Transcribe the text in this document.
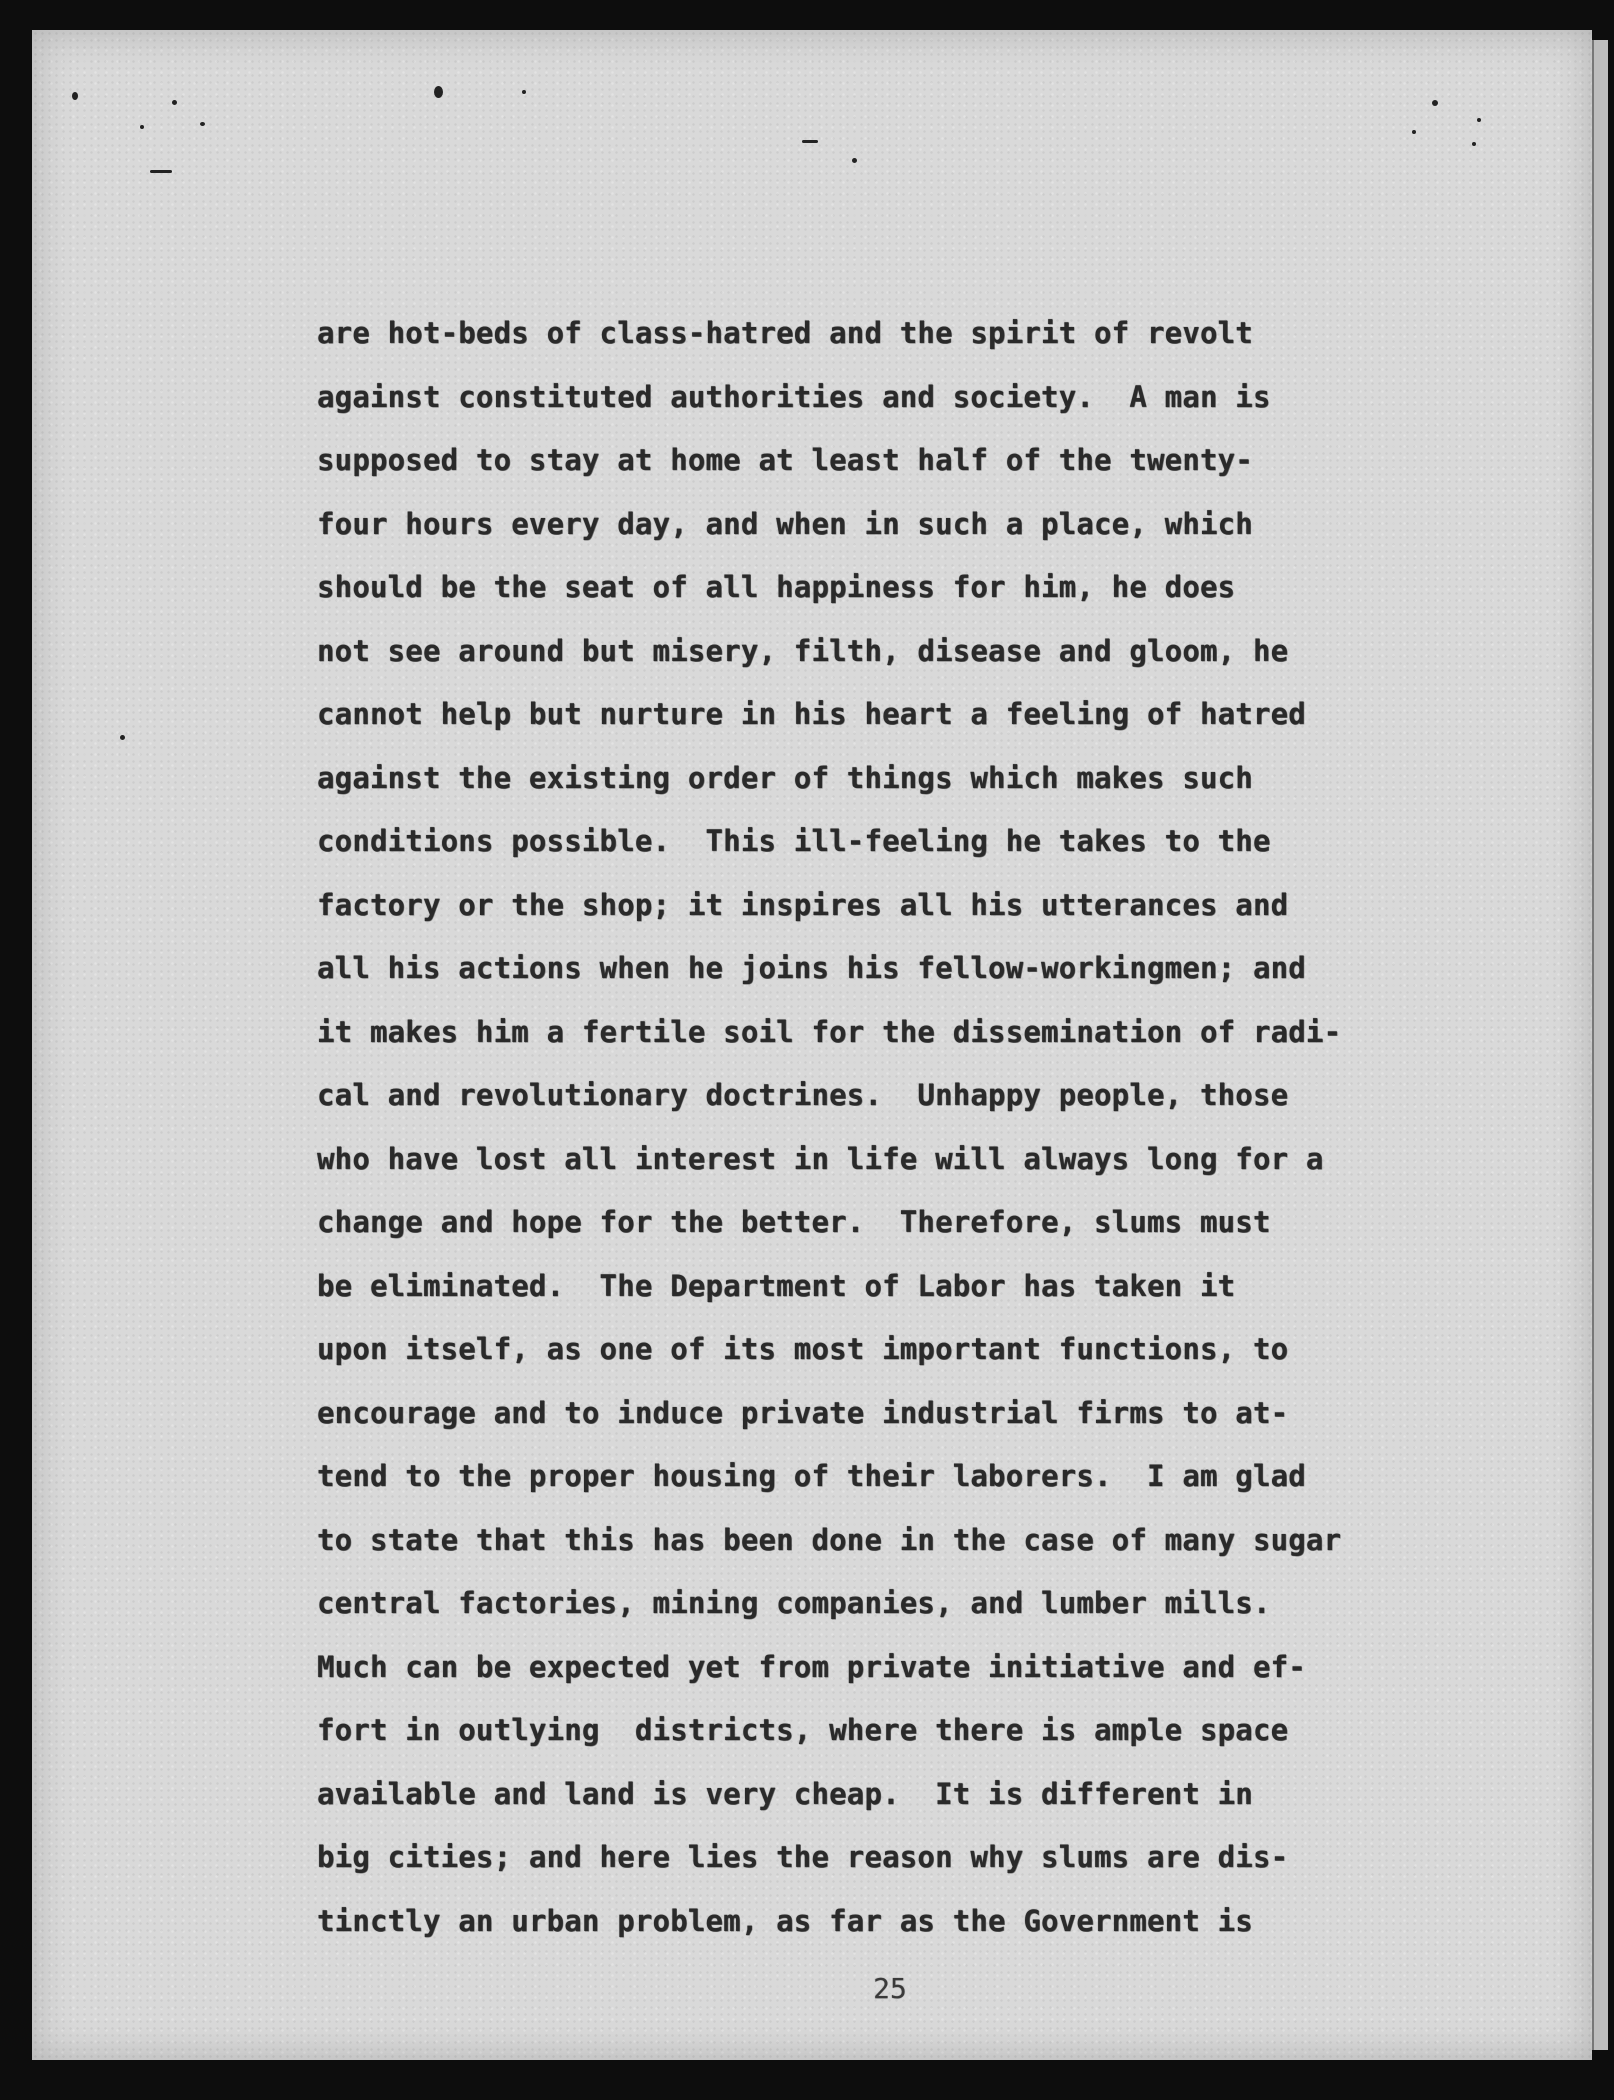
are hot-beds of class-hatred and the spirit of revolt
against constituted authorities and society.  A man is
supposed to stay at home at least half of the twenty-
four hours every day, and when in such a place, which
should be the seat of all happiness for him, he does
not see around but misery, filth, disease and gloom, he
cannot help but nurture in his heart a feeling of hatred
against the existing order of things which makes such
conditions possible.  This ill-feeling he takes to the
factory or the shop; it inspires all his utterances and
all his actions when he joins his fellow-workingmen; and
it makes him a fertile soil for the dissemination of radi-
cal and revolutionary doctrines.  Unhappy people, those
who have lost all interest in life will always long for a
change and hope for the better.  Therefore, slums must
be eliminated.  The Department of Labor has taken it
upon itself, as one of its most important functions, to
encourage and to induce private industrial firms to at-
tend to the proper housing of their laborers.  I am glad
to state that this has been done in the case of many sugar
central factories, mining companies, and lumber mills.
Much can be expected yet from private initiative and ef-
fort in outlying  districts, where there is ample space
available and land is very cheap.  It is different in
big cities; and here lies the reason why slums are dis-
tinctly an urban problem, as far as the Government is
25
